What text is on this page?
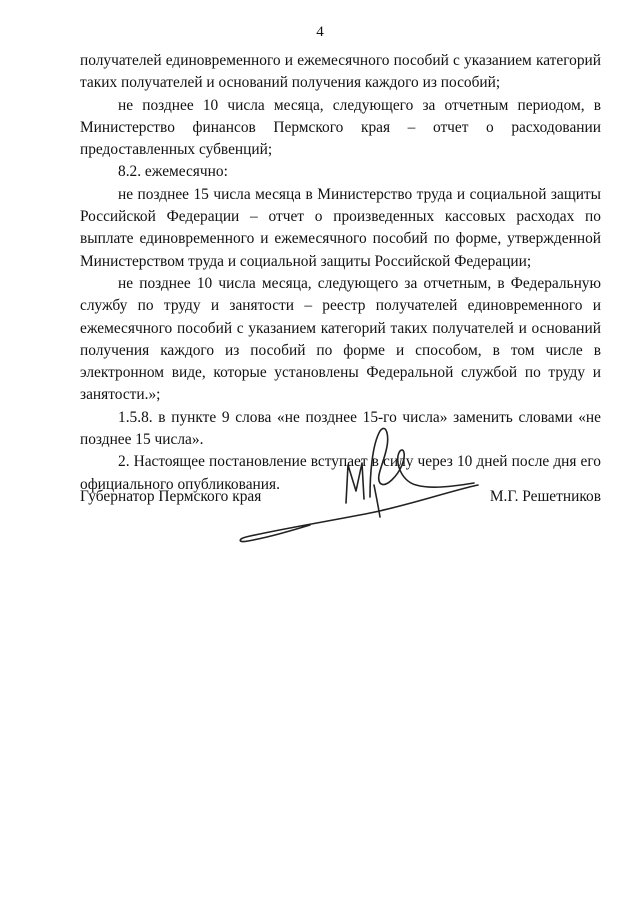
4

получателей единовременного и ежемесячного пособий с указанием категорий таких получателей и оснований получения каждого из пособий;

не позднее 10 числа месяца, следующего за отчетным периодом, в Министерство финансов Пермского края – отчет о расходовании предоставленных субвенций;

8.2. ежемесячно:

не позднее 15 числа месяца в Министерство труда и социальной защиты Российской Федерации – отчет о произведенных кассовых расходах по выплате единовременного и ежемесячного пособий по форме, утвержденной Министерством труда и социальной защиты Российской Федерации;

не позднее 10 числа месяца, следующего за отчетным, в Федеральную службу по труду и занятости – реестр получателей единовременного и ежемесячного пособий с указанием категорий таких получателей и оснований получения каждого из пособий по форме и способом, в том числе в электронном виде, которые установлены Федеральной службой по труду и занятости.»;

1.5.8. в пункте 9 слова «не позднее 15-го числа» заменить словами «не позднее 15 числа».

2. Настоящее постановление вступает в силу через 10 дней после дня его официального опубликования.

Губернатор Пермского края	М.Г. Решетников
